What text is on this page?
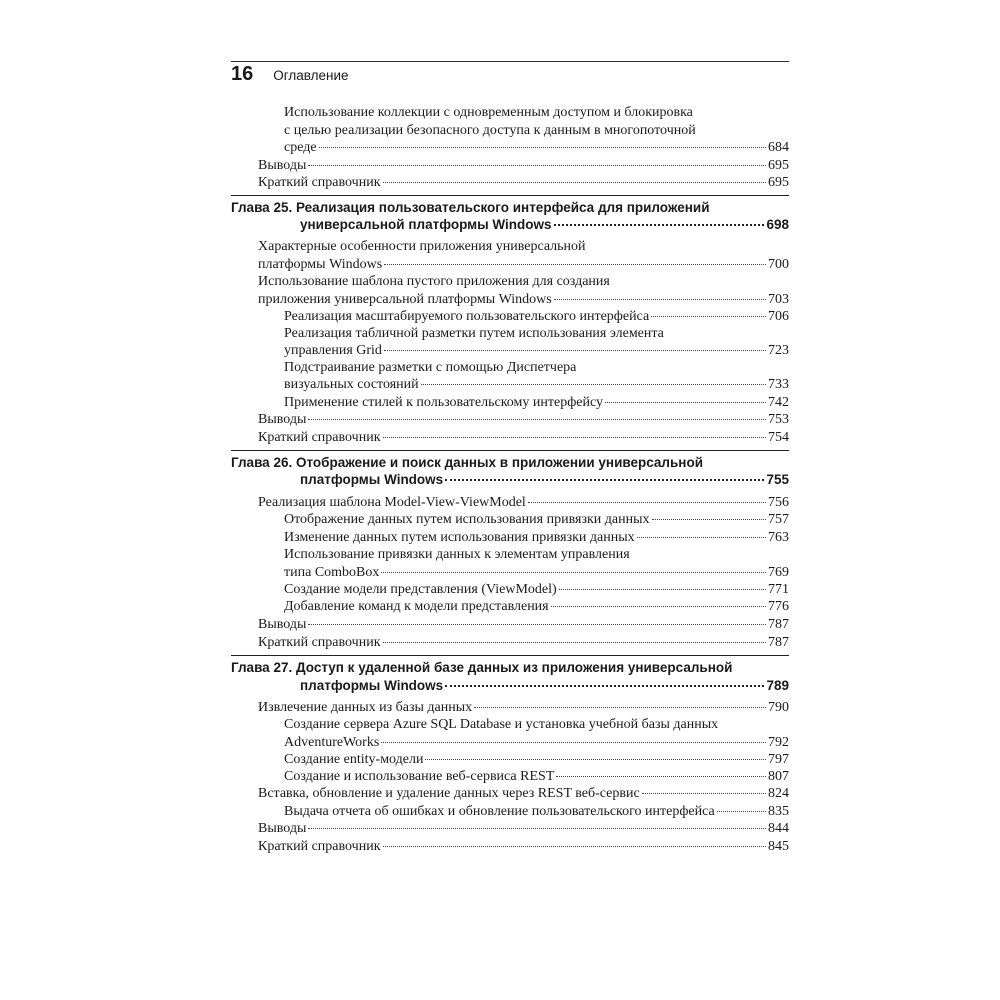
16 Оглавление
Использование коллекции с одновременным доступом и блокировка
с целью реализации безопасного доступа к данным в многопоточной
среде	684
Выводы	695
Краткий справочник	695
Глава 25. Реализация пользовательского интерфейса для приложений
универсальной платформы Windows	698
Характерные особенности приложения универсальной
платформы Windows	700
Использование шаблона пустого приложения для создания
приложения универсальной платформы Windows	703
Реализация масштабируемого пользовательского интерфейса	706
Реализация табличной разметки путем использования элемента
управления Grid	723
Подстраивание разметки с помощью Диспетчера
визуальных состояний	733
Применение стилей к пользовательскому интерфейсу	742
Выводы	753
Краткий справочник	754
Глава 26. Отображение и поиск данных в приложении универсальной
платформы Windows	755
Реализация шаблона Model-View-ViewModel	756
Отображение данных путем использования привязки данных	757
Изменение данных путем использования привязки данных	763
Использование привязки данных к элементам управления
типа ComboBox	769
Создание модели представления (ViewModel)	771
Добавление команд к модели представления	776
Выводы	787
Краткий справочник	787
Глава 27. Доступ к удаленной базе данных из приложения универсальной
платформы Windows	789
Извлечение данных из базы данных	790
Создание сервера Azure SQL Database и установка учебной базы данных
AdventureWorks	792
Создание entity-модели	797
Создание и использование веб-сервиса REST	807
Вставка, обновление и удаление данных через REST веб-сервис	824
Выдача отчета об ошибках и обновление пользовательского интерфейса	835
Выводы	844
Краткий справочник	845
